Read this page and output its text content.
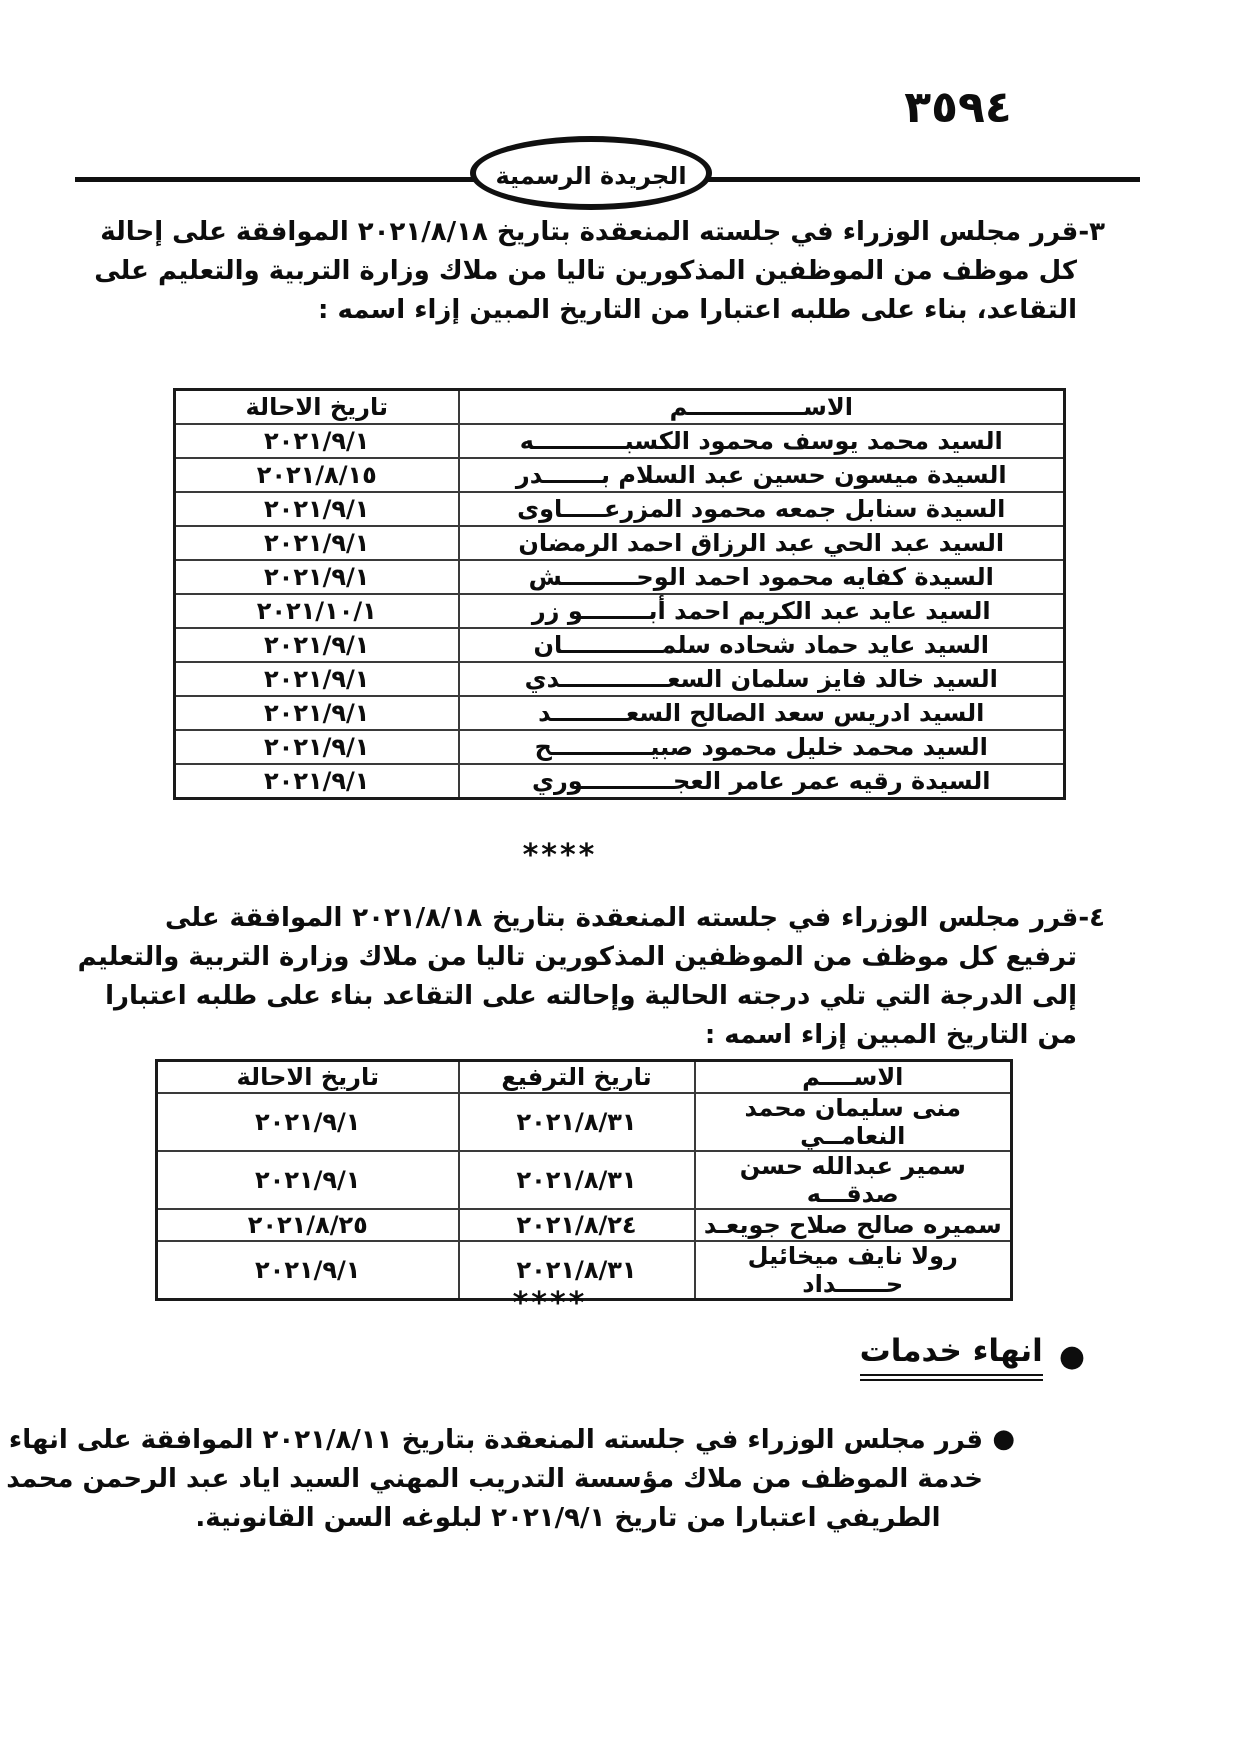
٣٥٩٤
الجريدة الرسمية
٣-قرر مجلس الوزراء في جلسته المنعقدة بتاريخ ٢٠٢١/٨/١٨ الموافقة على إحالة
كل موظف من الموظفين المذكورين تاليا من ملاك وزارة التربية والتعليم على
التقاعد، بناء على طلبه اعتبارا من التاريخ المبين إزاء اسمه :
الاســــــــــــــم	تاريخ الاحالة
السيد محمد يوسف محمود الكسبـــــــــــه	٢٠٢١/٩/١
السيدة ميسون حسين عبد السلام بـــــــدر	٢٠٢١/٨/١٥
السيدة سنابل جمعه محمود المزرعـــــاوى	٢٠٢١/٩/١
السيد عبد الحي عبد الرزاق احمد الرمضان	٢٠٢١/٩/١
السيدة كفايه محمود احمد الوحـــــــــش	٢٠٢١/٩/١
السيد عايد عبد الكريم احمد أبــــــــو زر	٢٠٢١/١٠/١
السيد عايد حماد شحاده سلمــــــــــــان	٢٠٢١/٩/١
السيد خالد فايز سلمان السعـــــــــــــدي	٢٠٢١/٩/١
السيد ادريس سعد الصالح السعـــــــــد	٢٠٢١/٩/١
السيد محمد خليل محمود صبيــــــــــــح	٢٠٢١/٩/١
السيدة رقيه عمر عامر العجـــــــــــوري	٢٠٢١/٩/١
****
٤-قرر مجلس الوزراء في جلسته المنعقدة بتاريخ ٢٠٢١/٨/١٨ الموافقة على
ترفيع كل موظف من الموظفين المذكورين تاليا من ملاك وزارة التربية والتعليم
إلى الدرجة التي تلي درجته الحالية وإحالته على التقاعد بناء على طلبه اعتبارا
من التاريخ المبين إزاء اسمه :
الاســــم	تاريخ الترفيع	تاريخ الاحالة
منى سليمان محمد النعامــي	٢٠٢١/٨/٣١	٢٠٢١/٩/١
سمير عبدالله حسن صدقـــه	٢٠٢١/٨/٣١	٢٠٢١/٩/١
سميره صالح صلاح جويعـد	٢٠٢١/٨/٢٤	٢٠٢١/٨/٢٥
رولا نايف ميخائيل حــــــداد	٢٠٢١/٨/٣١	٢٠٢١/٩/١
****
●
انهاء خدمات
●
قرر مجلس الوزراء في جلسته المنعقدة بتاريخ ٢٠٢١/٨/١١ الموافقة على انهاء
خدمة الموظف من ملاك مؤسسة التدريب المهني السيد اياد عبد الرحمن محمد
الطريفي اعتبارا من تاريخ ٢٠٢١/٩/١ لبلوغه السن القانونية.
